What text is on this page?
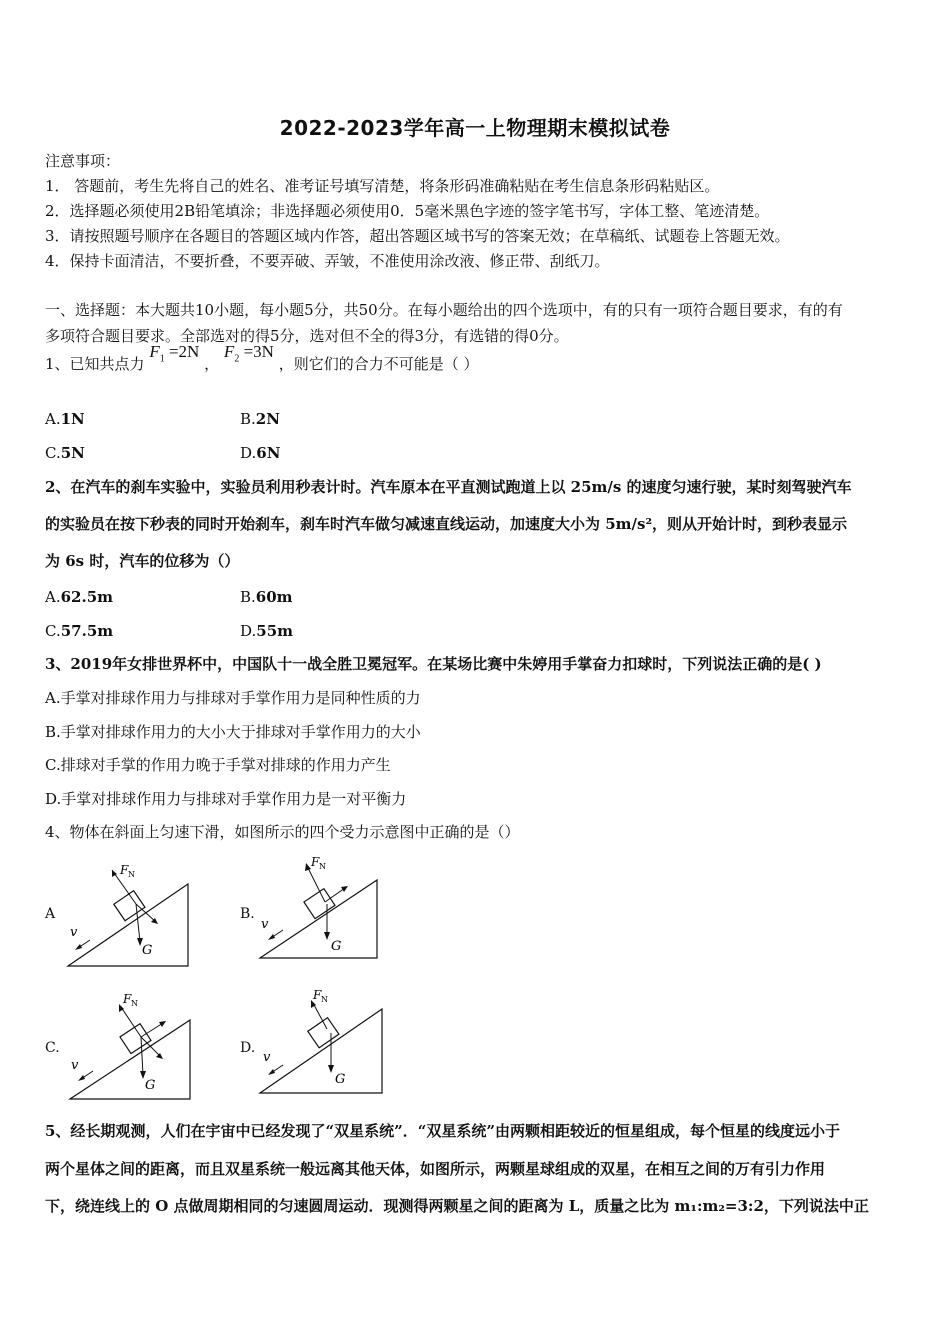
2022-2023学年高一上物理期末模拟试卷
注意事项：
1． 答题前，考生先将自己的姓名、准考证号填写清楚，将条形码准确粘贴在考生信息条形码粘贴区。
2．选择题必须使用2B铅笔填涂；非选择题必须使用0．5毫米黑色字迹的签字笔书写，字体工整、笔迹清楚。
3．请按照题号顺序在各题目的答题区域内作答，超出答题区域书写的答案无效；在草稿纸、试题卷上答题无效。
4．保持卡面清洁，不要折叠，不要弄破、弄皱，不准使用涂改液、修正带、刮纸刀。
一、选择题：本大题共10小题，每小题5分，共50分。在每小题给出的四个选项中，有的只有一项符合题目要求，有的有
多项符合题目要求。全部选对的得5分，选对但不全的得3分，有选错的得0分。
1、已知共点力 $F_1 =2N$ ， $F_2 =3N$ ，则它们的合力不可能是（ ）
A.1N	B.2N
C.5N	D.6N
2、在汽车的刹车实验中，实验员利用秒表计时。汽车原本在平直测试跑道上以 25m/s 的速度匀速行驶，某时刻驾驶汽车
的实验员在按下秒表的同时开始刹车，刹车时汽车做匀减速直线运动，加速度大小为 5m/s²，则从开始计时，到秒表显示
为 6s 时，汽车的位移为（）
A.62.5m	B.60m
C.57.5m	D.55m
3、2019年女排世界杯中，中国队十一战全胜卫冕冠军。在某场比赛中朱婷用手掌奋力扣球时，下列说法正确的是( )
A.手掌对排球作用力与排球对手掌作用力是同种性质的力
B.手掌对排球作用力的大小大于排球对手掌作用力的大小
C.排球对手掌的作用力晚于手掌对排球的作用力产生
D.手掌对排球作用力与排球对手掌作用力是一对平衡力
4、物体在斜面上匀速下滑，如图所示的四个受力示意图中正确的是（）
A
F N
G
v
B.
F N
G
v
C.
F N
G
v
D.
F N
G
v
5、经长期观测，人们在宇宙中已经发现了“双星系统”．“双星系统”由两颗相距较近的恒星组成，每个恒星的线度远小于
两个星体之间的距离，而且双星系统一般远离其他天体，如图所示，两颗星球组成的双星，在相互之间的万有引力作用
下，绕连线上的 O 点做周期相同的匀速圆周运动．现测得两颗星之间的距离为 L，质量之比为 m₁:m₂=3:2，下列说法中正
